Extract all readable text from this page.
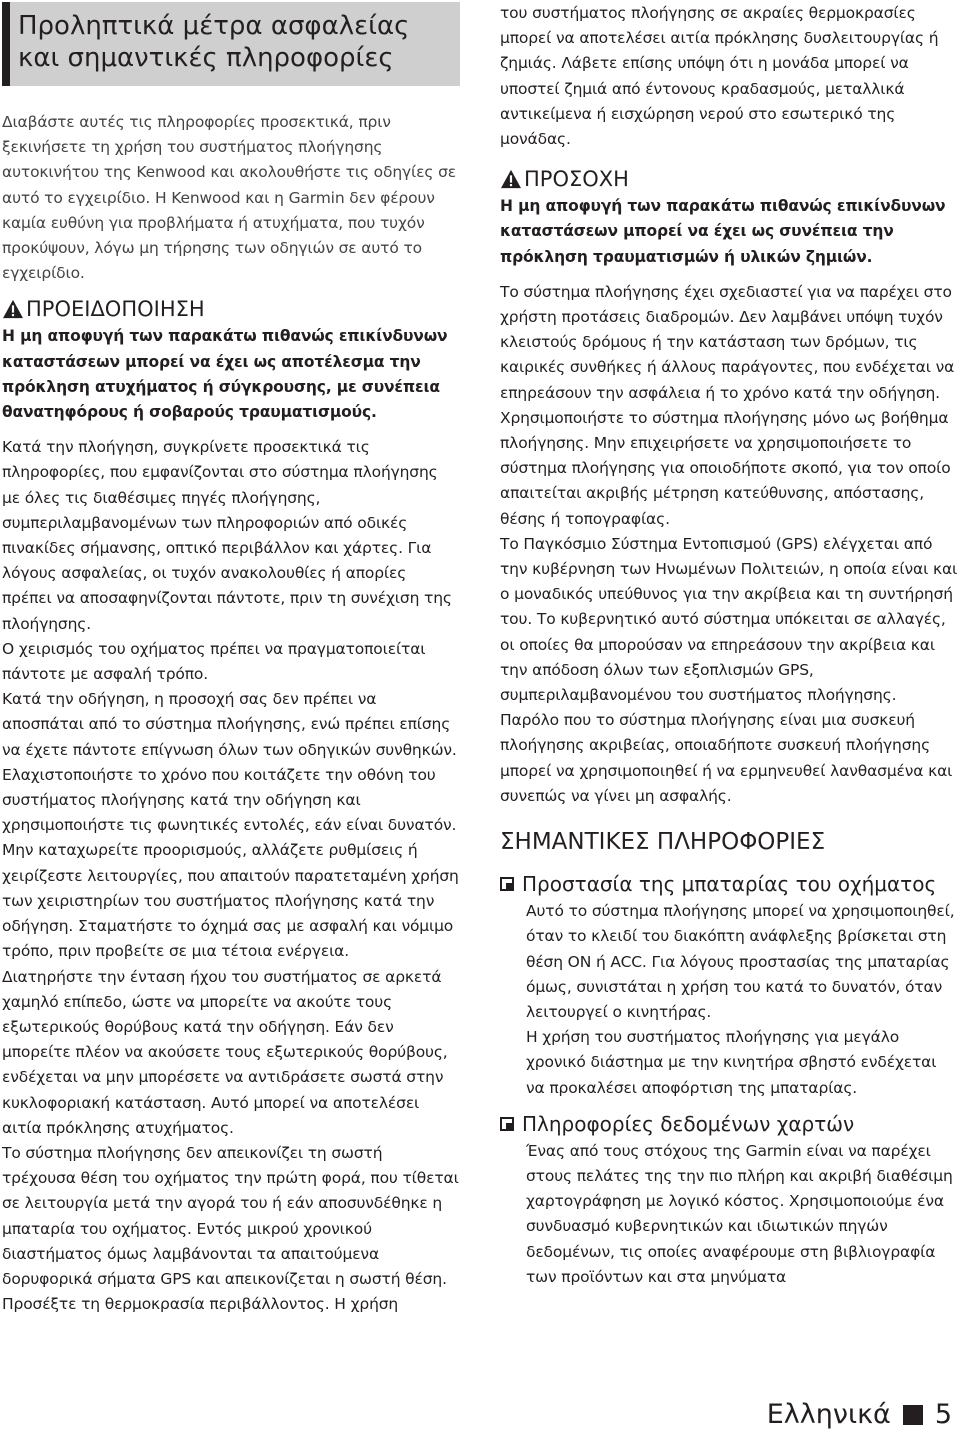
Προληπτικά μέτρα ασφαλείας
και σημαντικές πληροφορίες

Διαβάστε αυτές τις πληροφορίες προσεκτικά, πριν ξεκινήσετε τη χρήση του συστήματος πλοήγησης αυτοκινήτου της Kenwood και ακολουθήστε τις οδηγίες σε αυτό το εγχειρίδιο. Η Kenwood και η Garmin δεν φέρουν καμία ευθύνη για προβλήματα ή ατυχήματα, που τυχόν προκύψουν, λόγω μη τήρησης των οδηγιών σε αυτό το εγχειρίδιο.

ΠΡΟΕΙΔΟΠΟΙΗΣΗ
Η μη αποφυγή των παρακάτω πιθανώς επικίνδυνων καταστάσεων μπορεί να έχει ως αποτέλεσμα την πρόκληση ατυχήματος ή σύγκρουσης, με συνέπεια θανατηφόρους ή σοβαρούς τραυματισμούς.

Κατά την πλοήγηση, συγκρίνετε προσεκτικά τις πληροφορίες, που εμφανίζονται στο σύστημα πλοήγησης με όλες τις διαθέσιμες πηγές πλοήγησης, συμπεριλαμβανομένων των πληροφοριών από οδικές πινακίδες σήμανσης, οπτικό περιβάλλον και χάρτες. Για λόγους ασφαλείας, οι τυχόν ανακολουθίες ή απορίες πρέπει να αποσαφηνίζονται πάντοτε, πριν τη συνέχιση της πλοήγησης.

Ο χειρισμός του οχήματος πρέπει να πραγματοποιείται πάντοτε με ασφαλή τρόπο.

Κατά την οδήγηση, η προσοχή σας δεν πρέπει να αποσπάται από το σύστημα πλοήγησης, ενώ πρέπει επίσης να έχετε πάντοτε επίγνωση όλων των οδηγικών συνθηκών. Ελαχιστοποιήστε το χρόνο που κοιτάζετε την οθόνη του συστήματος πλοήγησης κατά την οδήγηση και χρησιμοποιήστε τις φωνητικές εντολές, εάν είναι δυνατόν.

Μην καταχωρείτε προορισμούς, αλλάζετε ρυθμίσεις ή χειρίζεστε λειτουργίες, που απαιτούν παρατεταμένη χρήση των χειριστηρίων του συστήματος πλοήγησης κατά την οδήγηση. Σταματήστε το όχημά σας με ασφαλή και νόμιμο τρόπο, πριν προβείτε σε μια τέτοια ενέργεια.

Διατηρήστε την ένταση ήχου του συστήματος σε αρκετά χαμηλό επίπεδο, ώστε να μπορείτε να ακούτε τους εξωτερικούς θορύβους κατά την οδήγηση. Εάν δεν μπορείτε πλέον να ακούσετε τους εξωτερικούς θορύβους, ενδέχεται να μην μπορέσετε να αντιδράσετε σωστά στην κυκλοφοριακή κατάσταση. Αυτό μπορεί να αποτελέσει αιτία πρόκλησης ατυχήματος.

Το σύστημα πλοήγησης δεν απεικονίζει τη σωστή τρέχουσα θέση του οχήματος την πρώτη φορά, που τίθεται σε λειτουργία μετά την αγορά του ή εάν αποσυνδέθηκε η μπαταρία του οχήματος. Εντός μικρού χρονικού διαστήματος όμως λαμβάνονται τα απαιτούμενα δορυφορικά σήματα GPS και απεικονίζεται η σωστή θέση.

Προσέξτε τη θερμοκρασία περιβάλλοντος. Η χρήση

του συστήματος πλοήγησης σε ακραίες θερμοκρασίες μπορεί να αποτελέσει αιτία πρόκλησης δυσλειτουργίας ή ζημιάς. Λάβετε επίσης υπόψη ότι η μονάδα μπορεί να υποστεί ζημιά από έντονους κραδασμούς, μεταλλικά αντικείμενα ή εισχώρηση νερού στο εσωτερικό της μονάδας.

ΠΡΟΣΟΧΗ
Η μη αποφυγή των παρακάτω πιθανώς επικίνδυνων καταστάσεων μπορεί να έχει ως συνέπεια την πρόκληση τραυματισμών ή υλικών ζημιών.

Το σύστημα πλοήγησης έχει σχεδιαστεί για να παρέχει στο χρήστη προτάσεις διαδρομών. Δεν λαμβάνει υπόψη τυχόν κλειστούς δρόμους ή την κατάσταση των δρόμων, τις καιρικές συνθήκες ή άλλους παράγοντες, που ενδέχεται να επηρεάσουν την ασφάλεια ή το χρόνο κατά την οδήγηση.

Χρησιμοποιήστε το σύστημα πλοήγησης μόνο ως βοήθημα πλοήγησης. Μην επιχειρήσετε να χρησιμοποιήσετε το σύστημα πλοήγησης για οποιοδήποτε σκοπό, για τον οποίο απαιτείται ακριβής μέτρηση κατεύθυνσης, απόστασης, θέσης ή τοπογραφίας.

Το Παγκόσμιο Σύστημα Εντοπισμού (GPS) ελέγχεται από την κυβέρνηση των Ηνωμένων Πολιτειών, η οποία είναι και ο μοναδικός υπεύθυνος για την ακρίβεια και τη συντήρησή του. Το κυβερνητικό αυτό σύστημα υπόκειται σε αλλαγές, οι οποίες θα μπορούσαν να επηρεάσουν την ακρίβεια και την απόδοση όλων των εξοπλισμών GPS, συμπεριλαμβανομένου του συστήματος πλοήγησης. Παρόλο που το σύστημα πλοήγησης είναι μια συσκευή πλοήγησης ακριβείας, οποιαδήποτε συσκευή πλοήγησης μπορεί να χρησιμοποιηθεί ή να ερμηνευθεί λανθασμένα και συνεπώς να γίνει μη ασφαλής.

ΣΗΜΑΝΤΙΚΕΣ ΠΛΗΡΟΦΟΡΙΕΣ
Προστασία της μπαταρίας του οχήματος

Αυτό το σύστημα πλοήγησης μπορεί να χρησιμοποιηθεί, όταν το κλειδί του διακόπτη ανάφλεξης βρίσκεται στη θέση ON ή ACC. Για λόγους προστασίας της μπαταρίας όμως, συνιστάται η χρήση του κατά το δυνατόν, όταν λειτουργεί ο κινητήρας.

Η χρήση του συστήματος πλοήγησης για μεγάλο χρονικό διάστημα με την κινητήρα σβηστό ενδέχεται να προκαλέσει αποφόρτιση της μπαταρίας.

Πληροφορίες δεδομένων χαρτών

Ένας από τους στόχους της Garmin είναι να παρέχει στους πελάτες της την πιο πλήρη και ακριβή διαθέσιμη χαρτογράφηση με λογικό κόστος. Χρησιμοποιούμε ένα συνδυασμό κυβερνητικών και ιδιωτικών πηγών δεδομένων, τις οποίες αναφέρουμε στη βιβλιογραφία των προϊόντων και στα μηνύματα

Ελληνικά 5
